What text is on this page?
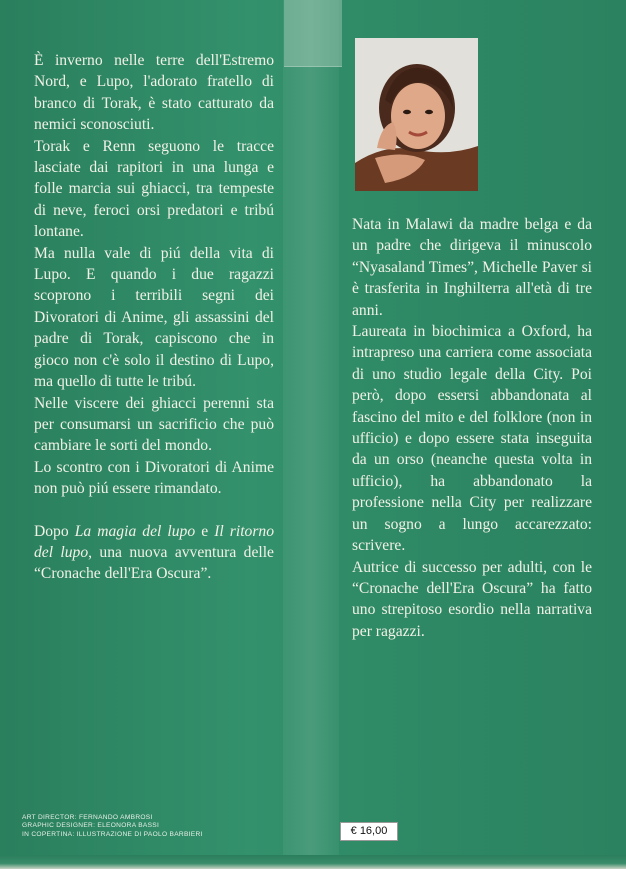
È inverno nelle terre dell'Estremo Nord, e Lupo, l'adorato fratello di branco di Torak, è stato catturato da nemici sconosciuti.

Torak e Renn seguono le tracce lasciate dai rapitori in una lunga e folle marcia sui ghiacci, tra tempeste di neve, feroci orsi predatori e tribú lontane.

Ma nulla vale di piú della vita di Lupo. E quando i due ragazzi scoprono i terribili segni dei Divoratori di Anime, gli assassini del padre di Torak, capiscono che in gioco non c'è solo il destino di Lupo, ma quello di tutte le tribú.

Nelle viscere dei ghiacci perenni sta per consumarsi un sacrificio che può cambiare le sorti del mondo.

Lo scontro con i Divoratori di Anime non può piú essere rimandato.

Dopo La magia del lupo e Il ritorno del lupo, una nuova avventura delle “Cronache dell'Era Oscura”.

Nata in Malawi da madre belga e da un padre che dirigeva il minuscolo “Nyasaland Times”, Michelle Paver si è trasferita in Inghilterra all'età di tre anni.

Laureata in biochimica a Oxford, ha intrapreso una carriera come associata di uno studio legale della City. Poi però, dopo essersi abbandonata al fascino del mito e del folklore (non in ufficio) e dopo essere stata inseguita da un orso (neanche questa volta in ufficio), ha abbandonato la professione nella City per realizzare un sogno a lungo accarezzato: scrivere.

Autrice di successo per adulti, con le “Cronache dell'Era Oscura” ha fatto uno strepitoso esordio nella narrativa per ragazzi.

ART DIRECTOR: FERNANDO AMBROSI
GRAPHIC DESIGNER: ELEONORA BASSI
IN COPERTINA: ILLUSTRAZIONE DI PAOLO BARBIERI	€ 16,00
